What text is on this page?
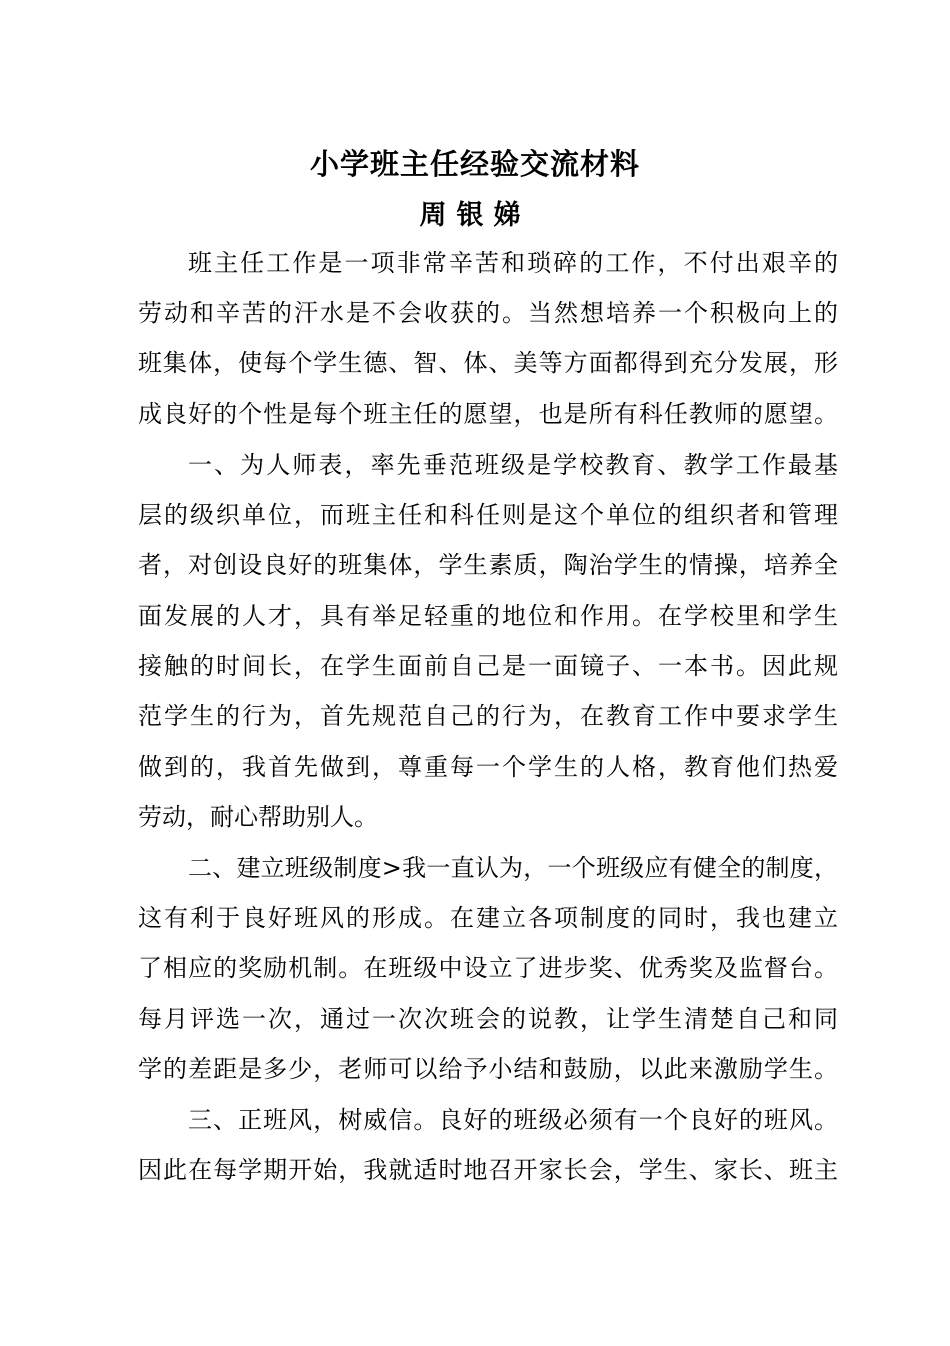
小学班主任经验交流材料
周银娣
班主任工作是一项非常辛苦和琐碎的工作，不付出艰辛的
劳动和辛苦的汗水是不会收获的。当然想培养一个积极向上的
班集体，使每个学生德、智、体、美等方面都得到充分发展，形
成良好的个性是每个班主任的愿望，也是所有科任教师的愿望。
一、为人师表，率先垂范班级是学校教育、教学工作最基
层的级织单位，而班主任和科任则是这个单位的组织者和管理
者，对创设良好的班集体，学生素质，陶治学生的情操，培养全
面发展的人才，具有举足轻重的地位和作用。在学校里和学生
接触的时间长，在学生面前自己是一面镜子、一本书。因此规
范学生的行为，首先规范自己的行为，在教育工作中要求学生
做到的，我首先做到，尊重每一个学生的人格，教育他们热爱
劳动，耐心帮助别人。
二、建立班级制度>我一直认为，一个班级应有健全的制度，
这有利于良好班风的形成。在建立各项制度的同时，我也建立
了相应的奖励机制。在班级中设立了进步奖、优秀奖及监督台。
每月评选一次，通过一次次班会的说教，让学生清楚自己和同
学的差距是多少，老师可以给予小结和鼓励，以此来激励学生。
三、正班风，树威信。良好的班级必须有一个良好的班风。
因此在每学期开始，我就适时地召开家长会，学生、家长、班主
